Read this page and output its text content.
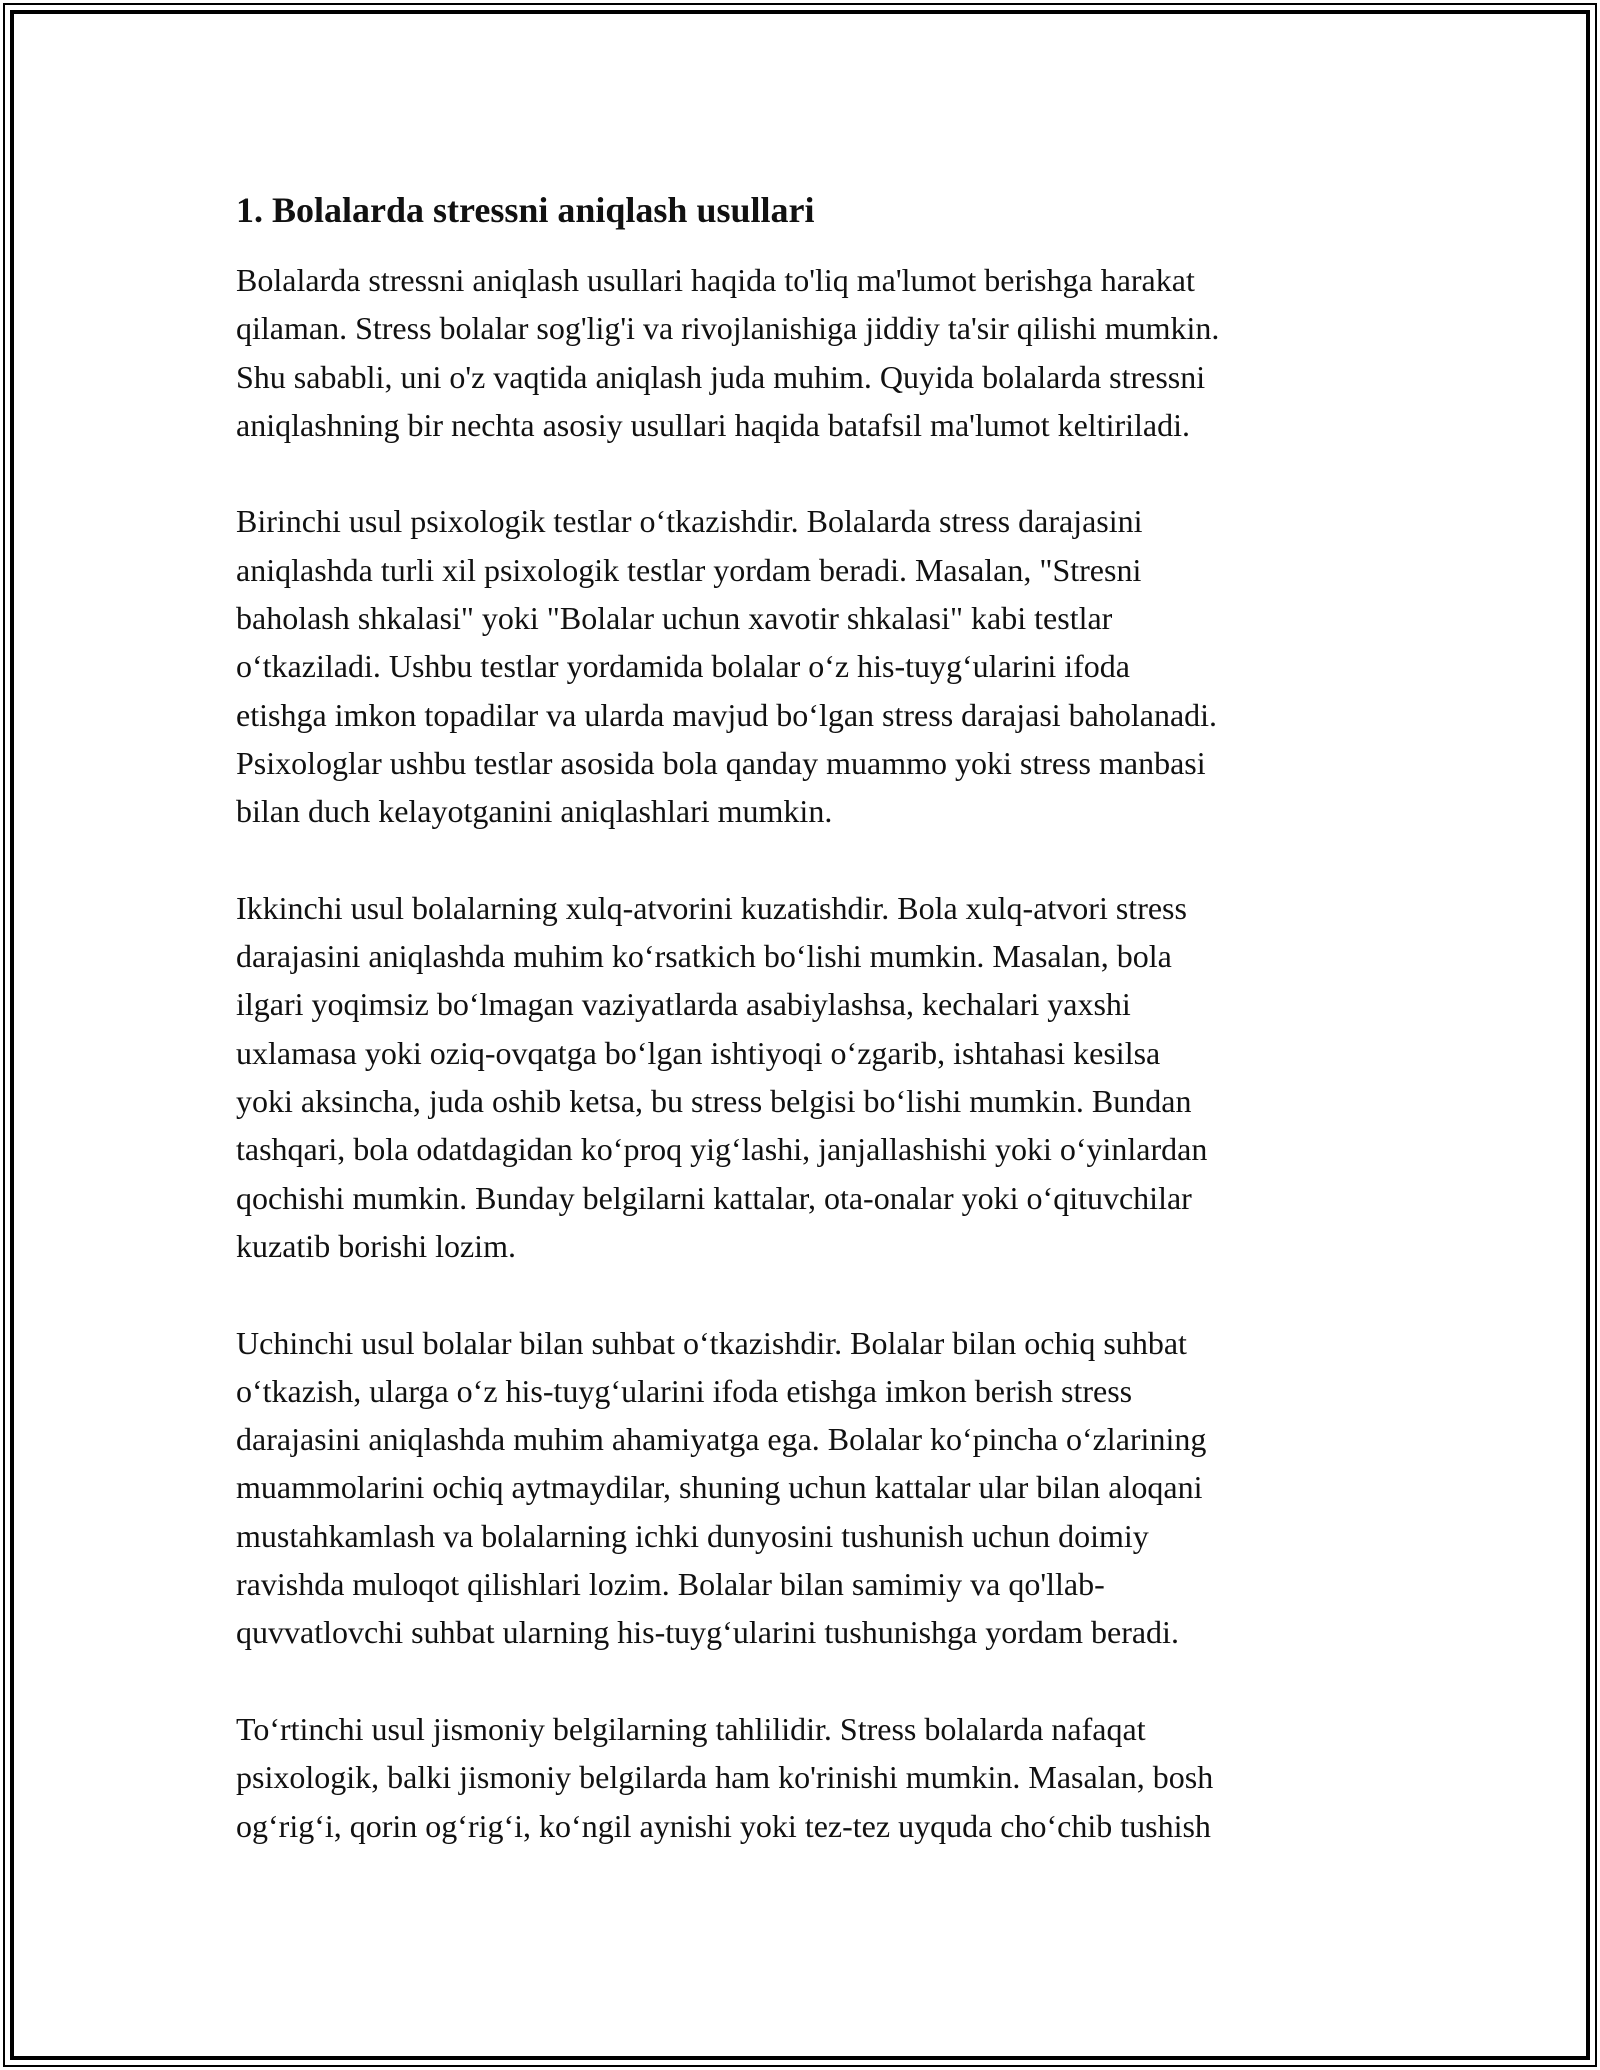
1. Bolalarda stressni aniqlash usullari

Bolalarda stressni aniqlash usullari haqida to'liq ma'lumot berishga harakat
qilaman. Stress bolalar sog'lig'i va rivojlanishiga jiddiy ta'sir qilishi mumkin.
Shu sababli, uni o'z vaqtida aniqlash juda muhim. Quyida bolalarda stressni
aniqlashning bir nechta asosiy usullari haqida batafsil ma'lumot keltiriladi.

Birinchi usul psixologik testlar oʻtkazishdir. Bolalarda stress darajasini
aniqlashda turli xil psixologik testlar yordam beradi. Masalan, "Stresni
baholash shkalasi" yoki "Bolalar uchun xavotir shkalasi" kabi testlar
oʻtkaziladi. Ushbu testlar yordamida bolalar oʻz his-tuygʻularini ifoda
etishga imkon topadilar va ularda mavjud boʻlgan stress darajasi baholanadi.
Psixologlar ushbu testlar asosida bola qanday muammo yoki stress manbasi
bilan duch kelayotganini aniqlashlari mumkin.

Ikkinchi usul bolalarning xulq-atvorini kuzatishdir. Bola xulq-atvori stress
darajasini aniqlashda muhim koʻrsatkich boʻlishi mumkin. Masalan, bola
ilgari yoqimsiz boʻlmagan vaziyatlarda asabiylashsa, kechalari yaxshi
uxlamasa yoki oziq-ovqatga boʻlgan ishtiyoqi oʻzgarib, ishtahasi kesilsa
yoki aksincha, juda oshib ketsa, bu stress belgisi boʻlishi mumkin. Bundan
tashqari, bola odatdagidan koʻproq yigʻlashi, janjallashishi yoki oʻyinlardan
qochishi mumkin. Bunday belgilarni kattalar, ota-onalar yoki oʻqituvchilar
kuzatib borishi lozim.

Uchinchi usul bolalar bilan suhbat oʻtkazishdir. Bolalar bilan ochiq suhbat
oʻtkazish, ularga oʻz his-tuygʻularini ifoda etishga imkon berish stress
darajasini aniqlashda muhim ahamiyatga ega. Bolalar koʻpincha oʻzlarining
muammolarini ochiq aytmaydilar, shuning uchun kattalar ular bilan aloqani
mustahkamlash va bolalarning ichki dunyosini tushunish uchun doimiy
ravishda muloqot qilishlari lozim. Bolalar bilan samimiy va qo'llab-
quvvatlovchi suhbat ularning his-tuygʻularini tushunishga yordam beradi.

Toʻrtinchi usul jismoniy belgilarning tahlilidir. Stress bolalarda nafaqat
psixologik, balki jismoniy belgilarda ham ko'rinishi mumkin. Masalan, bosh
ogʻrigʻi, qorin ogʻrigʻi, koʻngil aynishi yoki tez-tez uyquda choʻchib tushish
